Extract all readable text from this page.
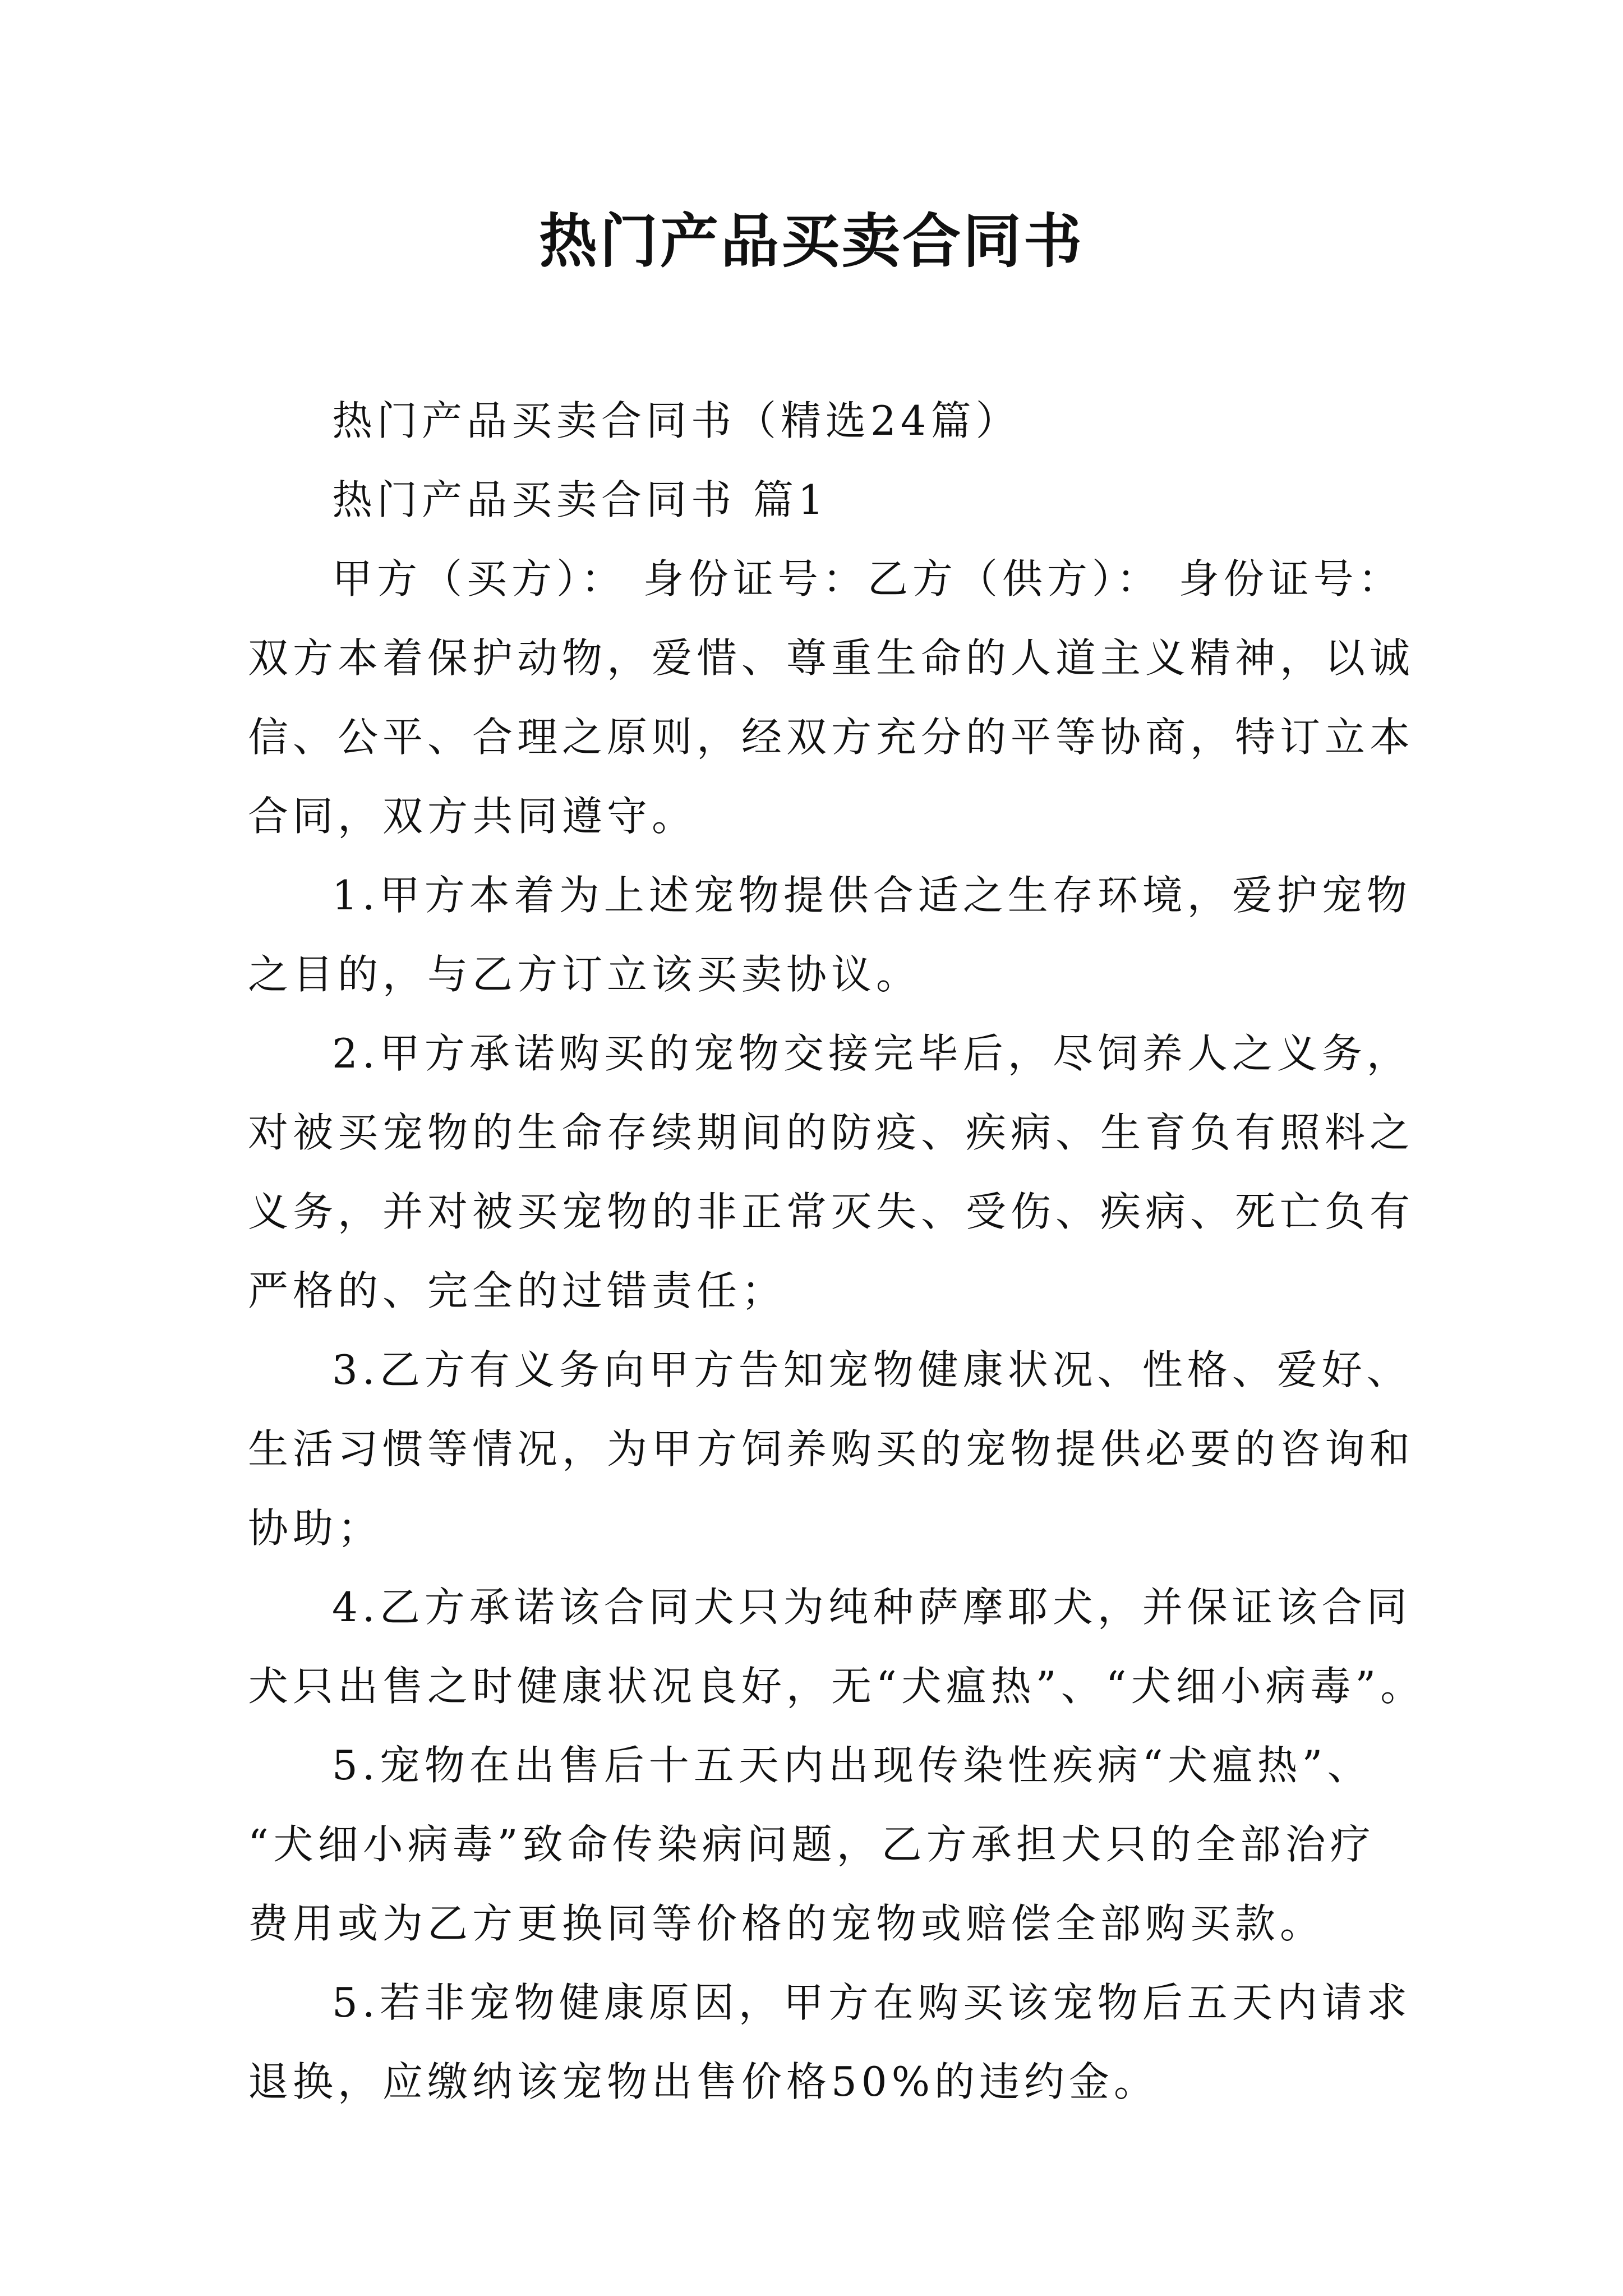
热门产品买卖合同书
热门产品买卖合同书（精选24篇）
热门产品买卖合同书 篇1
甲方（买方）： 身份证号：乙方（供方）： 身份证号：
双方本着保护动物，爱惜、尊重生命的人道主义精神，以诚
信、公平、合理之原则，经双方充分的平等协商，特订立本
合同，双方共同遵守。
1.甲方本着为上述宠物提供合适之生存环境，爱护宠物
之目的，与乙方订立该买卖协议。
2.甲方承诺购买的宠物交接完毕后，尽饲养人之义务，
对被买宠物的生命存续期间的防疫、疾病、生育负有照料之
义务，并对被买宠物的非正常灭失、受伤、疾病、死亡负有
严格的、完全的过错责任；
3.乙方有义务向甲方告知宠物健康状况、性格、爱好、
生活习惯等情况，为甲方饲养购买的宠物提供必要的咨询和
协助；
4.乙方承诺该合同犬只为纯种萨摩耶犬，并保证该合同
犬只出售之时健康状况良好，无“犬瘟热”、“犬细小病毒”。
5.宠物在出售后十五天内出现传染性疾病“犬瘟热”、
“犬细小病毒”致命传染病问题，乙方承担犬只的全部治疗
费用或为乙方更换同等价格的宠物或赔偿全部购买款。
5.若非宠物健康原因，甲方在购买该宠物后五天内请求
退换，应缴纳该宠物出售价格50%的违约金。
